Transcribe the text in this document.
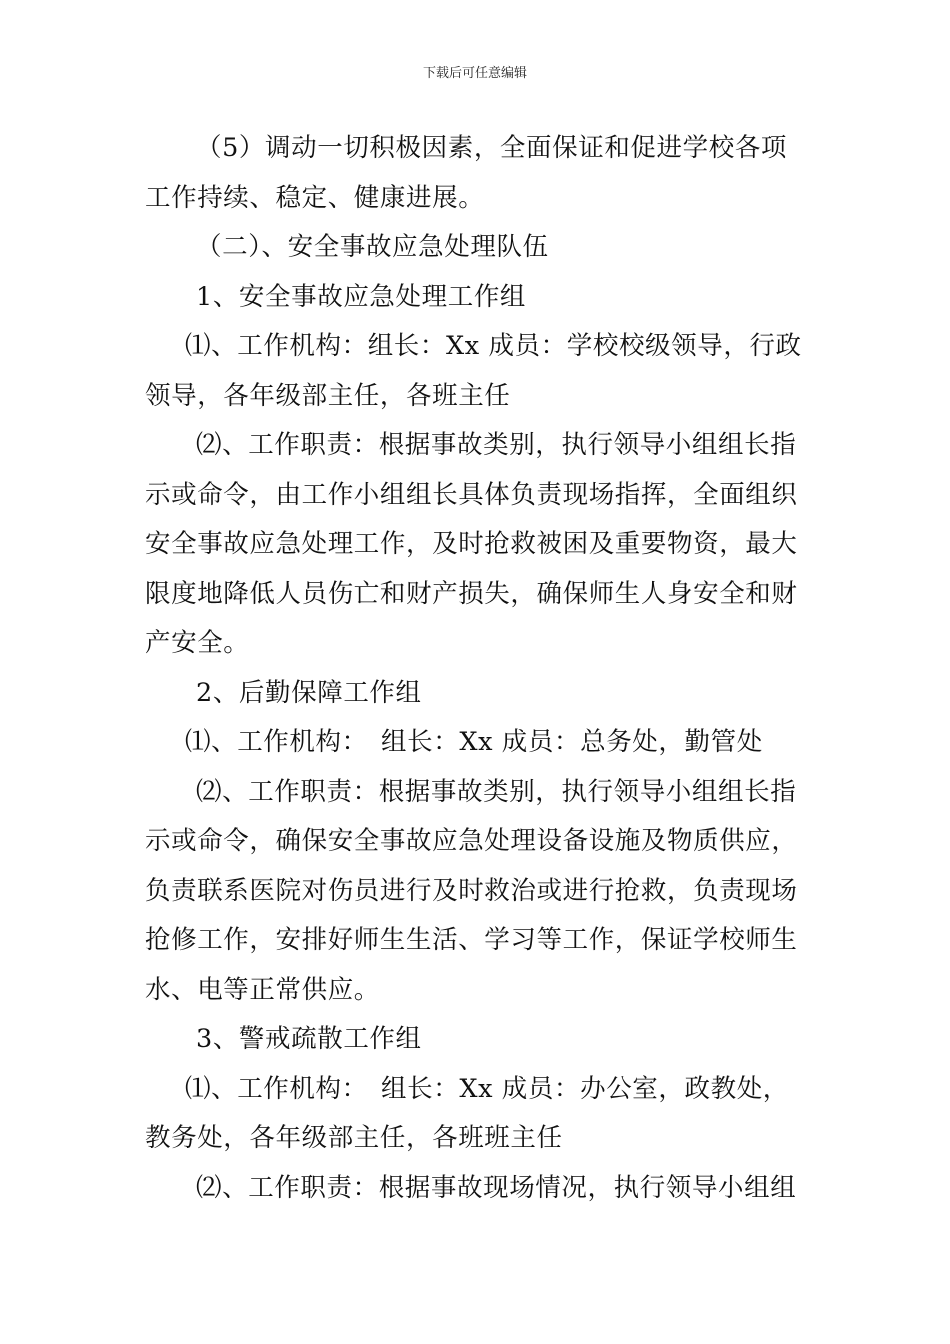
下载后可任意编辑

（5）调动一切积极因素，全面保证和促进学校各项工作持续、稳定、健康进展。

（二）、安全事故应急处理队伍

1、安全事故应急处理工作组

⑴、工作机构：组长：Xx 成员：学校校级领导，行政领导，各年级部主任，各班主任

⑵、工作职责：根据事故类别，执行领导小组组长指示或命令，由工作小组组长具体负责现场指挥，全面组织安全事故应急处理工作，及时抢救被困及重要物资，最大限度地降低人员伤亡和财产损失，确保师生人身安全和财产安全。

2、后勤保障工作组

⑴、工作机构：　组长：Xx 成员：总务处，勤管处

⑵、工作职责：根据事故类别，执行领导小组组长指示或命令，确保安全事故应急处理设备设施及物质供应，负责联系医院对伤员进行及时救治或进行抢救，负责现场抢修工作，安排好师生生活、学习等工作，保证学校师生水、电等正常供应。

3、警戒疏散工作组

⑴、工作机构：　组长：Xx 成员：办公室，政教处，教务处，各年级部主任，各班班主任

⑵、工作职责：根据事故现场情况，执行领导小组组
